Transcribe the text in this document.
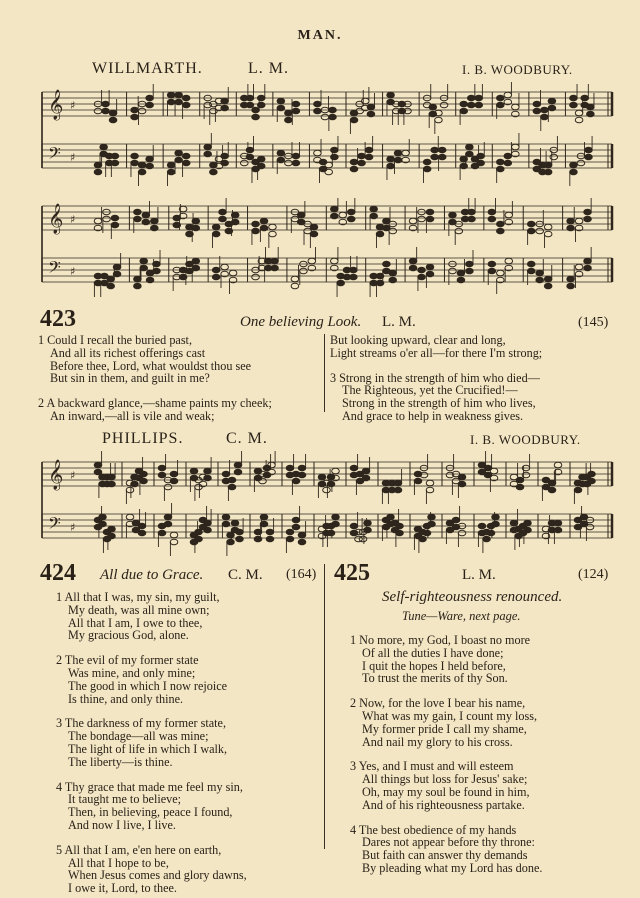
MAN.
WILLMARTH.	L. M.	I. B. WOODBURY.
𝄞 ♯
𝄢 ♯
𝄞 ♯
𝄢 ♯
423	One believing Look. L. M.	(145)
1 Could I recall the buried past,
And all its richest offerings cast
Before thee, Lord, what wouldst thou see
But sin in them, and guilt in me?
2 A backward glance,—shame paints my cheek;
An inward,—all is vile and weak;
But looking upward, clear and long,
Light streams o'er all—for there I'm strong;
3 Strong in the strength of him who died—
The Righteous, yet the Crucified!—
Strong in the strength of him who lives,
And grace to help in weakness gives.
PHILLIPS.	C. M.	I. B. WOODBURY.
𝄞 ♯
𝄢 ♯
424 All due to Grace. C. M. (164)
1 All that I was, my sin, my guilt,
My death, was all mine own;
All that I am, I owe to thee,
My gracious God, alone.
2 The evil of my former state
Was mine, and only mine;
The good in which I now rejoice
Is thine, and only thine.
3 The darkness of my former state,
The bondage—all was mine;
The light of life in which I walk,
The liberty—is thine.
4 Thy grace that made me feel my sin,
It taught me to believe;
Then, in believing, peace I found,
And now I live, I live.
5 All that I am, e'en here on earth,
All that I hope to be,
When Jesus comes and glory dawns,
I owe it, Lord, to thee.
425	L. M.	(124)
Self-righteousness renounced.
Tune—Ware, next page.
1 No more, my God, I boast no more
Of all the duties I have done;
I quit the hopes I held before,
To trust the merits of thy Son.
2 Now, for the love I bear his name,
What was my gain, I count my loss,
My former pride I call my shame,
And nail my glory to his cross.
3 Yes, and I must and will esteem
All things but loss for Jesus' sake;
Oh, may my soul be found in him,
And of his righteousness partake.
4 The best obedience of my hands
Dares not appear before thy throne:
But faith can answer thy demands
By pleading what my Lord has done.
